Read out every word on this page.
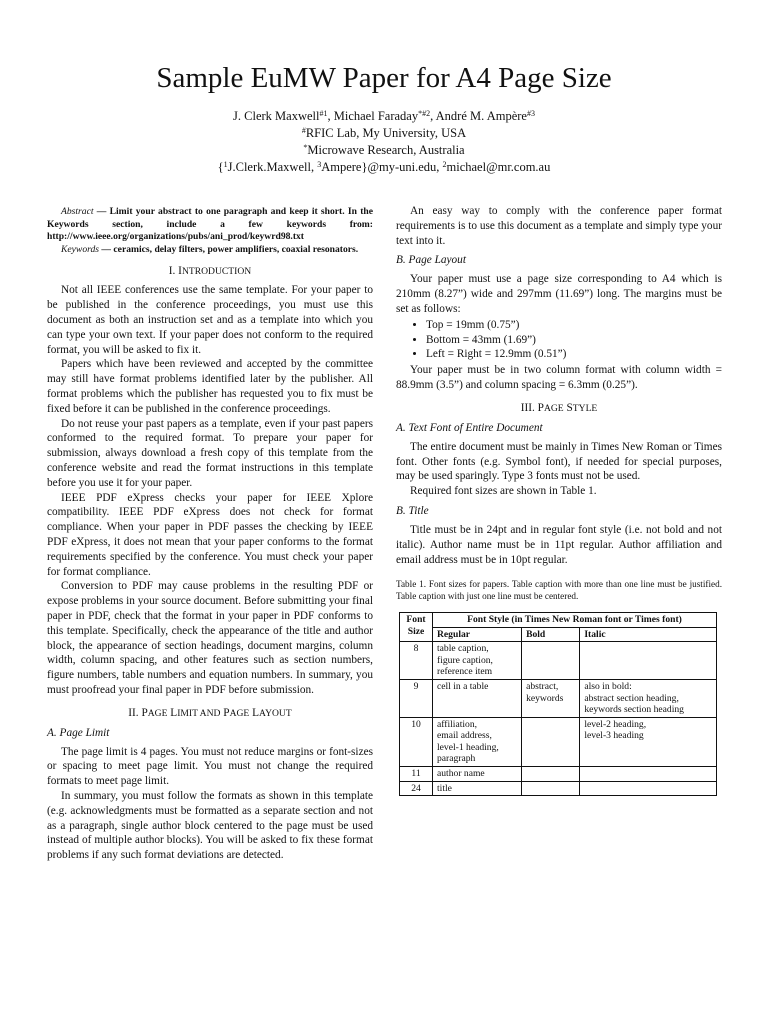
Sample EuMW Paper for A4 Page Size
J. Clerk Maxwell$^{\#1}$, Michael Faraday$^{*\#2}$, André M. Ampère$^{\#3}$
#RFIC Lab, My University, USA
*Microwave Research, Australia
{$^1$J.Clerk.Maxwell, $^3$Ampere}@my-uni.edu, $^2$michael@mr.com.au

Abstract — Limit your abstract to one paragraph and keep it short. In the Keywords section, include a few keywords from: http://www.ieee.org/organizations/pubs/ani_prod/keywrd98.txt

Keywords — ceramics, delay filters, power amplifiers, coaxial resonators.

I. INTRODUCTION

Not all IEEE conferences use the same template. For your paper to be published in the conference proceedings, you must use this document as both an instruction set and as a template into which you can type your own text. If your paper does not conform to the required format, you will be asked to fix it.

Papers which have been reviewed and accepted by the committee may still have format problems identified later by the publisher. All format problems which the publisher has requested you to fix must be fixed before it can be published in the conference proceedings.

Do not reuse your past papers as a template, even if your past papers conformed to the required format. To prepare your paper for submission, always download a fresh copy of this template from the conference website and read the format instructions in this template before you use it for your paper.

IEEE PDF eXpress checks your paper for IEEE Xplore compatibility. IEEE PDF eXpress does not check for format compliance. When your paper in PDF passes the checking by IEEE PDF eXpress, it does not mean that your paper conforms to the format requirements specified by the conference. You must check your paper for format compliance.

Conversion to PDF may cause problems in the resulting PDF or expose problems in your source document. Before submitting your final paper in PDF, check that the format in your paper in PDF conforms to this template. Specifically, check the appearance of the title and author block, the appearance of section headings, document margins, column width, column spacing, and other features such as section numbers, figure numbers, table numbers and equation numbers. In summary, you must proofread your final paper in PDF before submission.

II. PAGE LIMIT AND PAGE LAYOUT
A. Page Limit

The page limit is 4 pages. You must not reduce margins or font-sizes or spacing to meet page limit. You must not change the required formats to meet page limit.

In summary, you must follow the formats as shown in this template (e.g. acknowledgments must be formatted as a separate section and not as a paragraph, single author block centered to the page must be used instead of multiple author blocks). You will be asked to fix these format problems if any such format deviations are detected.

An easy way to comply with the conference paper format requirements is to use this document as a template and simply type your text into it.

B. Page Layout

Your paper must use a page size corresponding to A4 which is 210mm (8.27”) wide and 297mm (11.69”) long. The margins must be set as follows:

• Top = 19mm (0.75”)
• Bottom = 43mm (1.69”)
• Left = Right = 12.9mm (0.51”)

Your paper must be in two column format with column width = 88.9mm (3.5”) and column spacing = 6.3mm (0.25”).

III. PAGE STYLE
A. Text Font of Entire Document

The entire document must be mainly in Times New Roman or Times font. Other fonts (e.g. Symbol font), if needed for special purposes, may be used sparingly. Type 3 fonts must not be used.

Required font sizes are shown in Table 1.

B. Title

Title must be in 24pt and in regular font style (i.e. not bold and not italic). Author name must be in 11pt regular. Author affiliation and email address must be in 10pt regular.

Table 1. Font sizes for papers. Table caption with more than one line must be justified. Table caption with just one line must be centered.

Font Size	Font Style (in Times New Roman font or Times font)		
	Regular	Bold	Italic
8	table caption,
figure caption,
reference item		

9	cell in a table	abstract,
keywords	also in bold:
abstract section heading,
keywords section heading

10	affiliation,
email address,
level-1 heading,
paragraph		level-2 heading,
level-3 heading

11	author name		

24	title		
